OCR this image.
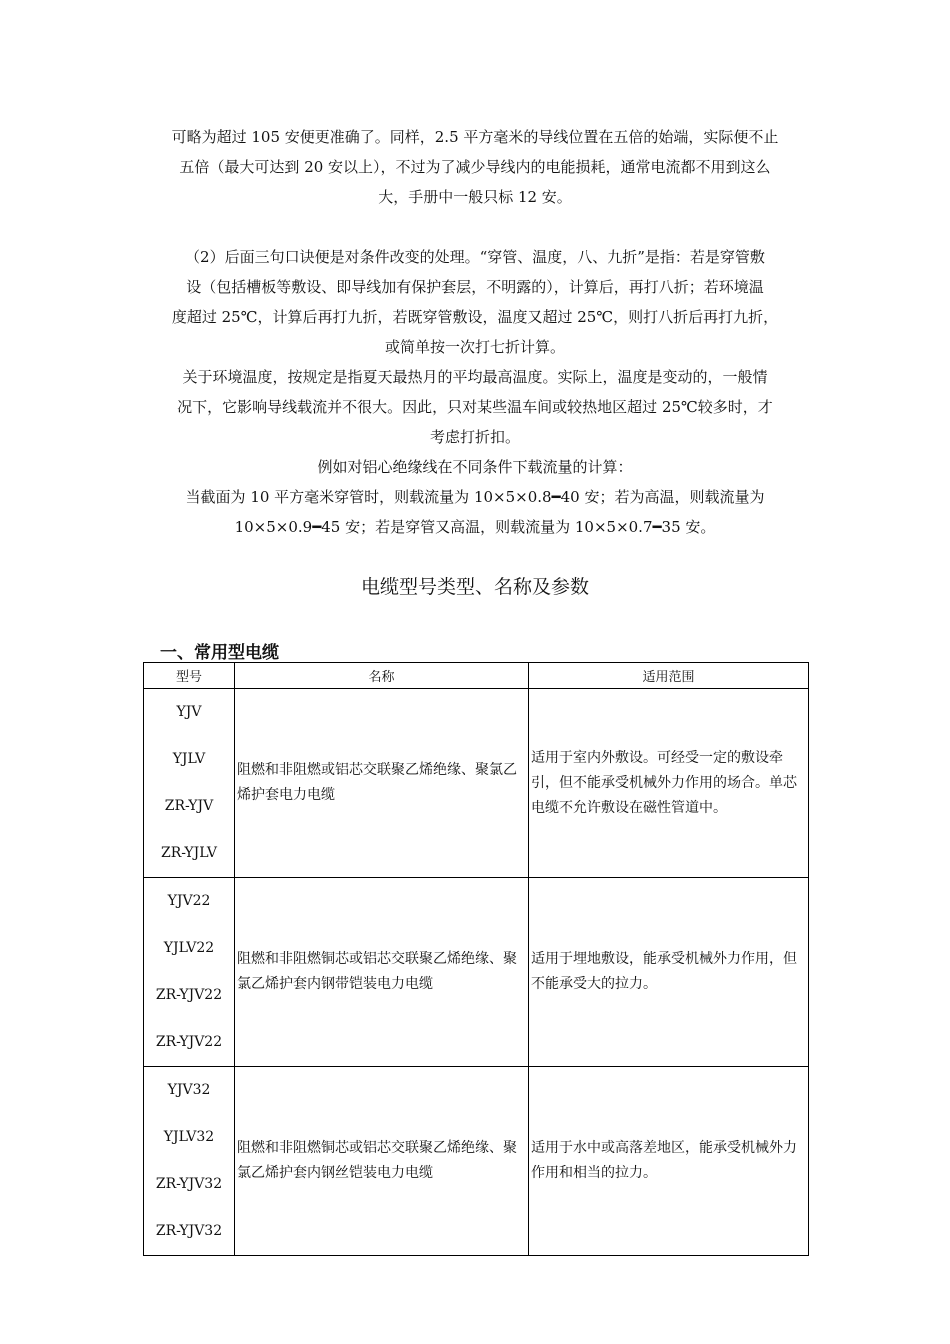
可略为超过 105 安便更准确了。同样，2.5 平方毫米的导线位置在五倍的始端，实际便不止
五倍（最大可达到 20 安以上），不过为了减少导线内的电能损耗，通常电流都不用到这么
大，手册中一般只标 12 安。
（2）后面三句口诀便是对条件改变的处理。“穿管、温度，八、九折”是指：若是穿管敷
设（包括槽板等敷设、即导线加有保护套层，不明露的），计算后，再打八折；若环境温
度超过 25℃，计算后再打九折，若既穿管敷设，温度又超过 25℃，则打八折后再打九折，
或简单按一次打七折计算。
关于环境温度，按规定是指夏天最热月的平均最高温度。实际上，温度是变动的，一般情
况下，它影响导线载流并不很大。因此，只对某些温车间或较热地区超过 25℃较多时，才
考虑打折扣。
例如对铝心绝缘线在不同条件下载流量的计算：
当截面为 10 平方毫米穿管时，则载流量为 10×5×0.8━40 安；若为高温，则载流量为
10×5×0.9━45 安；若是穿管又高温，则载流量为 10×5×0.7━35 安。
电缆型号类型、名称及参数
一、常用型电缆
型号	名称	适用范围

YJV
YJLV
ZR-YJV
ZR-YJLV	阻燃和非阻燃或铝芯交联聚乙烯绝缘、聚氯乙烯护套电力电缆	适用于室内外敷设。可经受一定的敷设牵引，但不能承受机械外力作用的场合。单芯电缆不允许敷设在磁性管道中。

YJV22
YJLV22
ZR-YJV22
ZR-YJV22	阻燃和非阻燃铜芯或铝芯交联聚乙烯绝缘、聚氯乙烯护套内钢带铠装电力电缆	适用于埋地敷设，能承受机械外力作用，但不能承受大的拉力。

YJV32
YJLV32
ZR-YJV32
ZR-YJV32	阻燃和非阻燃铜芯或铝芯交联聚乙烯绝缘、聚氯乙烯护套内钢丝铠装电力电缆	适用于水中或高落差地区，能承受机械外力作用和相当的拉力。
